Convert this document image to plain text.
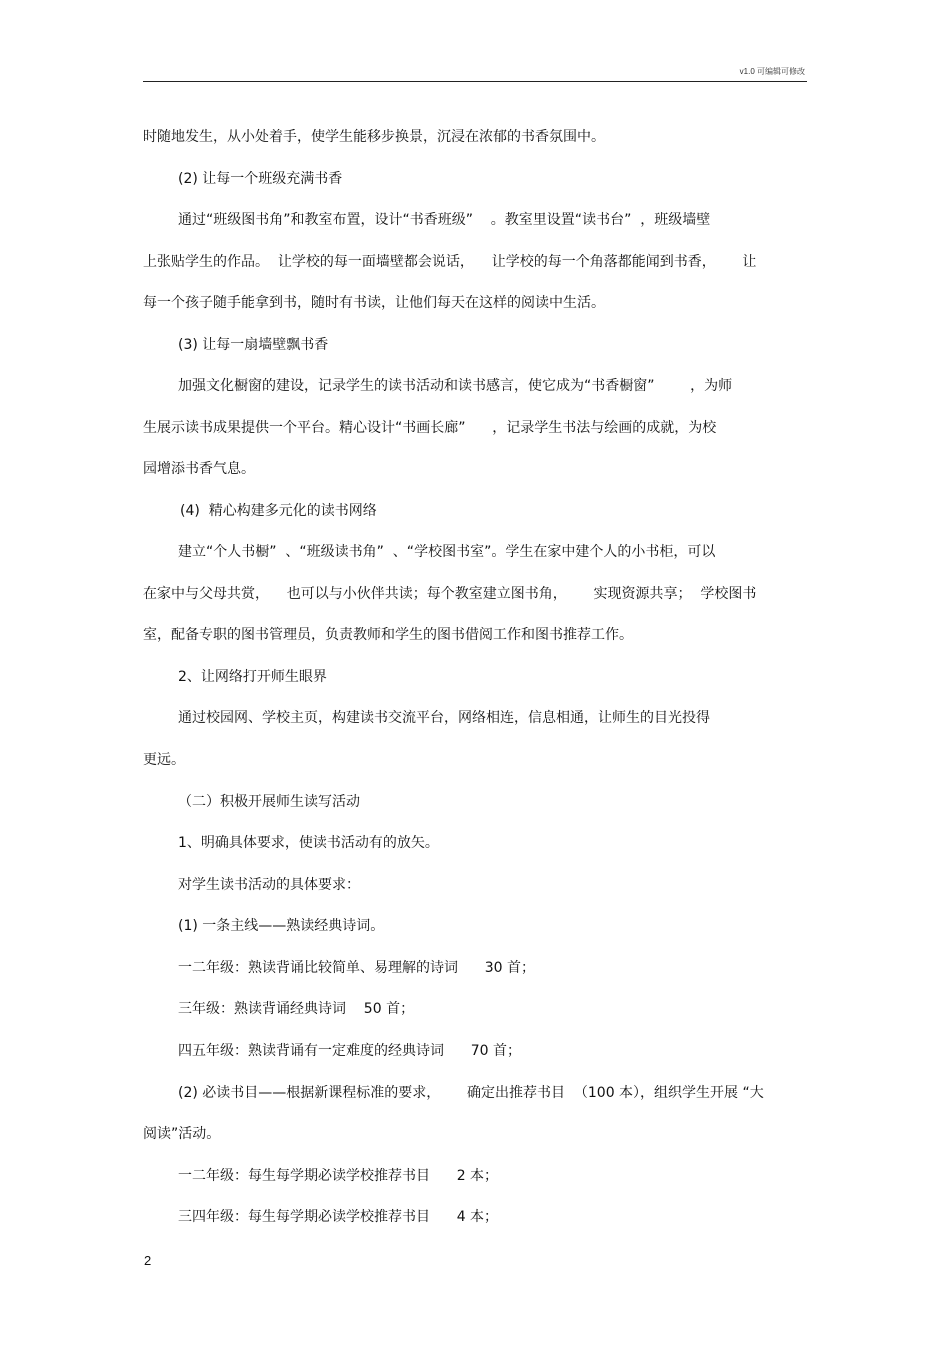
v1.0 可编辑可修改
时随地发生，从小处着手，使学生能移步换景，沉浸在浓郁的书香氛围中。
(2) 让每一个班级充满书香
通过“班级图书角”和教室布置，设计“书香班级”    。教室里设置“读书台”  ，班级墙壁
上张贴学生的作品。  让学校的每一面墙壁都会说话，    让学校的每一个角落都能闻到书香，      让
每一个孩子随手能拿到书，随时有书读，让他们每天在这样的阅读中生活。
(3) 让每一扇墙壁飘书香
加强文化橱窗的建设，记录学生的读书活动和读书感言，使它成为“书香橱窗”        ，为师
生展示读书成果提供一个平台。精心设计“书画长廊”      ，记录学生书法与绘画的成就，为校
园增添书香气息。
(4)  精心构建多元化的读书网络
建立“个人书橱”  、“班级读书角”  、“学校图书室”。学生在家中建个人的小书柜，可以
在家中与父母共赏，    也可以与小伙伴共读；每个教室建立图书角，      实现资源共享；  学校图书
室，配备专职的图书管理员，负责教师和学生的图书借阅工作和图书推荐工作。
2、让网络打开师生眼界
通过校园网、学校主页，构建读书交流平台，网络相连，信息相通，让师生的目光投得
更远。
（二）积极开展师生读写活动
1、明确具体要求，使读书活动有的放矢。
对学生读书活动的具体要求：
(1) 一条主线——熟读经典诗词。
一二年级：熟读背诵比较简单、易理解的诗词      30 首；
三年级：熟读背诵经典诗词    50 首；
四五年级：熟读背诵有一定难度的经典诗词      70 首；
(2) 必读书目——根据新课程标准的要求，      确定出推荐书目  （100 本），组织学生开展 “大
阅读”活动。
一二年级：每生每学期必读学校推荐书目      2 本；
三四年级：每生每学期必读学校推荐书目      4 本；
2
